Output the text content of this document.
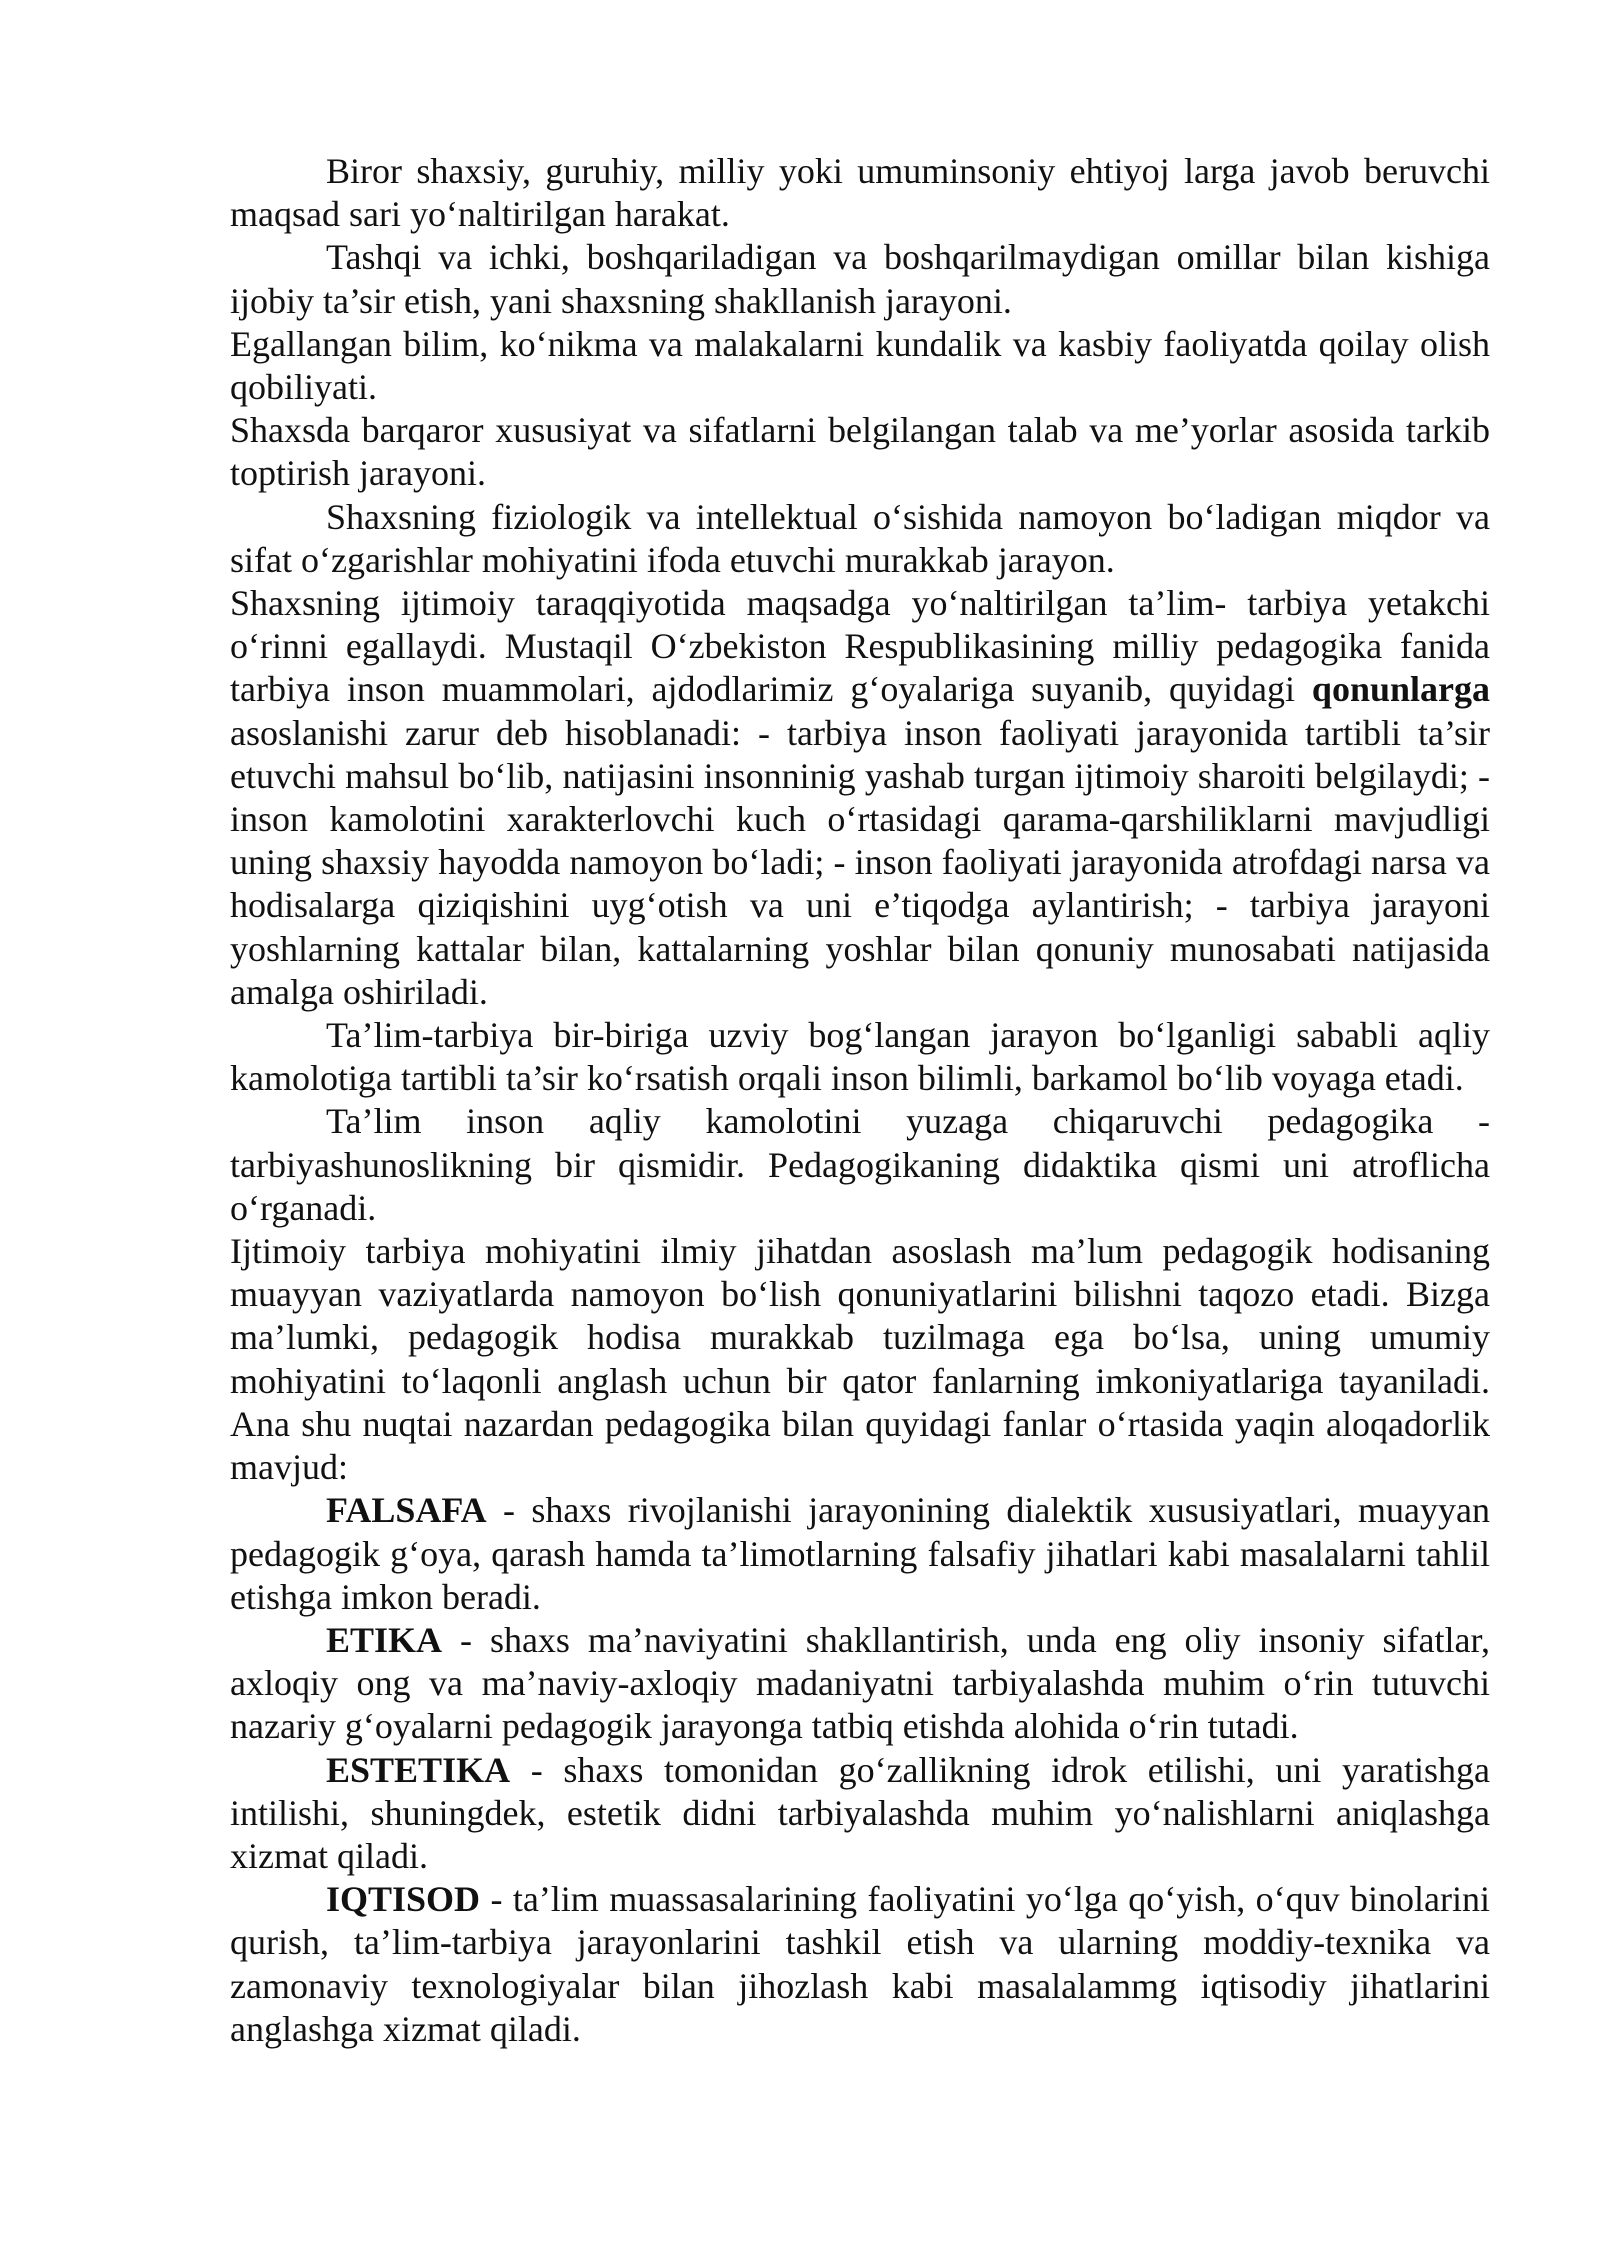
Biror shaxsiy, guruhiy, milliy yoki umuminsoniy ehtiyoj larga javob beruvchi maqsad sari yo‘naltirilgan harakat.

Tashqi va ichki, boshqariladigan va boshqarilmaydigan omillar bilan kishiga ijobiy ta’sir etish, yani shaxsning shakllanish jarayoni.

Egallangan bilim, ko‘nikma va malakalarni kundalik va kasbiy faoliyatda qoilay olish qobiliyati.

Shaxsda barqaror xususiyat va sifatlarni belgilangan talab va me’yorlar asosida tarkib toptirish jarayoni.

Shaxsning fiziologik va intellektual o‘sishida namoyon bo‘ladigan miqdor va sifat o‘zgarishlar mohiyatini ifoda etuvchi murakkab jarayon.

Shaxsning ijtimoiy taraqqiyotida maqsadga yo‘naltirilgan ta’lim- tarbiya yetakchi o‘rinni egallaydi. Mustaqil O‘zbekiston Respublikasining milliy pedagogika fanida tarbiya inson muammolari, ajdodlarimiz g‘oyalariga suyanib, quyidagi qonunlarga asoslanishi zarur deb hisoblanadi: - tarbiya inson faoliyati jarayonida tartibli ta’sir etuvchi mahsul bo‘lib, natijasini insonninig yashab turgan ijtimoiy sharoiti belgilaydi; - inson kamolotini xarakterlovchi kuch o‘rtasidagi qarama-qarshiliklarni mavjudligi uning shaxsiy hayodda namoyon bo‘ladi; - inson faoliyati jarayonida atrofdagi narsa va hodisalarga qiziqishini uyg‘otish va uni e’tiqodga aylantirish; - tarbiya jarayoni yoshlarning kattalar bilan, kattalarning yoshlar bilan qonuniy munosabati natijasida amalga oshiriladi.

Ta’lim-tarbiya bir-biriga uzviy bog‘langan jarayon bo‘lganligi sababli aqliy kamolotiga tartibli ta’sir ko‘rsatish orqali inson bilimli, barkamol bo‘lib voyaga etadi.

Ta’lim inson aqliy kamolotini yuzaga chiqaruvchi pedagogika - tarbiyashunoslikning bir qismidir. Pedagogikaning didaktika qismi uni atroflicha o‘rganadi.

Ijtimoiy tarbiya mohiyatini ilmiy jihatdan asoslash ma’lum pedagogik hodisaning muayyan vaziyatlarda namoyon bo‘lish qonuniyatlarini bilishni taqozo etadi. Bizga ma’lumki, pedagogik hodisa murakkab tuzilmaga ega bo‘lsa, uning umumiy mohiyatini to‘laqonli anglash uchun bir qator fanlarning imkoniyatlariga tayaniladi. Ana shu nuqtai nazardan pedagogika bilan quyidagi fanlar o‘rtasida yaqin aloqadorlik mavjud:

FALSAFA - shaxs rivojlanishi jarayonining dialektik xususiyatlari, muayyan pedagogik g‘oya, qarash hamda ta’limotlarning falsafiy jihatlari kabi masalalarni tahlil etishga imkon beradi.

ETIKA - shaxs ma’naviyatini shakllantirish, unda eng oliy insoniy sifatlar, axloqiy ong va ma’naviy-axloqiy madaniyatni tarbiyalashda muhim o‘rin tutuvchi nazariy g‘oyalarni pedagogik jarayonga tatbiq etishda alohida o‘rin tutadi.

ESTETIKA - shaxs tomonidan go‘zallikning idrok etilishi, uni yaratishga intilishi, shuningdek, estetik didni tarbiyalashda muhim yo‘nalishlarni aniqlashga xizmat qiladi.

IQTISOD - ta’lim muassasalarining faoliyatini yo‘lga qo‘yish, o‘quv binolarini qurish, ta’lim-tarbiya jarayonlarini tashkil etish va ularning moddiy-texnika va zamonaviy texnologiyalar bilan jihozlash kabi masalalammg iqtisodiy jihatlarini anglashga xizmat qiladi.
